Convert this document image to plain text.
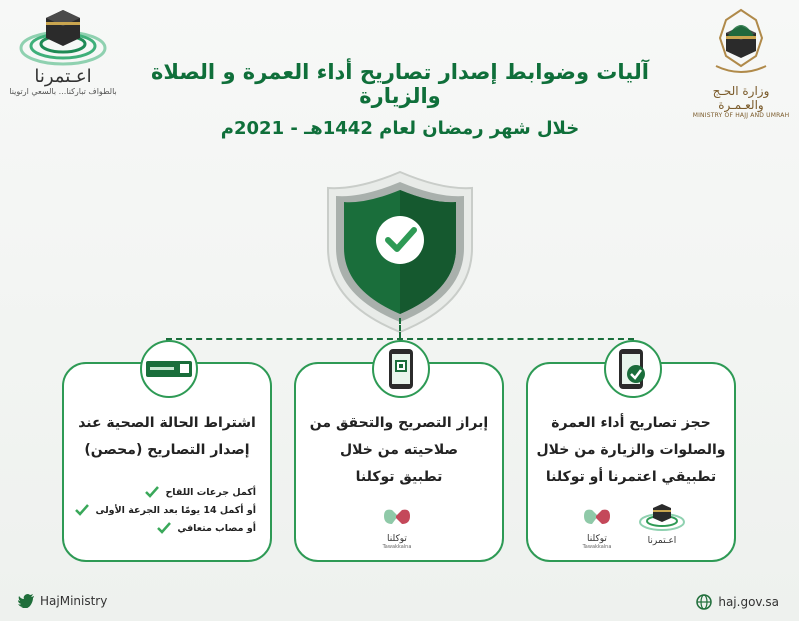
اعـتمرنا
بالطواف تباركنا... بالسعي ارتوينا	وزارة الحـج والعـمـرة
MINISTRY OF HAJJ AND UMRAH
آليات وضوابط إصدار تصاريح أداء العمرة و الصلاة والزيارة
خلال شهر رمضان لعام 1442هـ - 2021م
اشتراط الحالة الصحية عند
إصدار التصاريح (محصن)
أكمل جرعات اللقاح
أو أكمل 14 يومًا بعد الجرعة الأولى
أو مصاب متعافي
إبراز التصريح والتحقق من
صلاحيته من خلال
تطبيق توكلنا
توكلنا
Tawakkalna
حجز تصاريح أداء العمرة
والصلوات والزيارة من خلال
تطبيقي اعتمرنا أو توكلنا
توكلنا
Tawakkalna
اعـتمرنا
HajMinistry	haj.gov.sa
